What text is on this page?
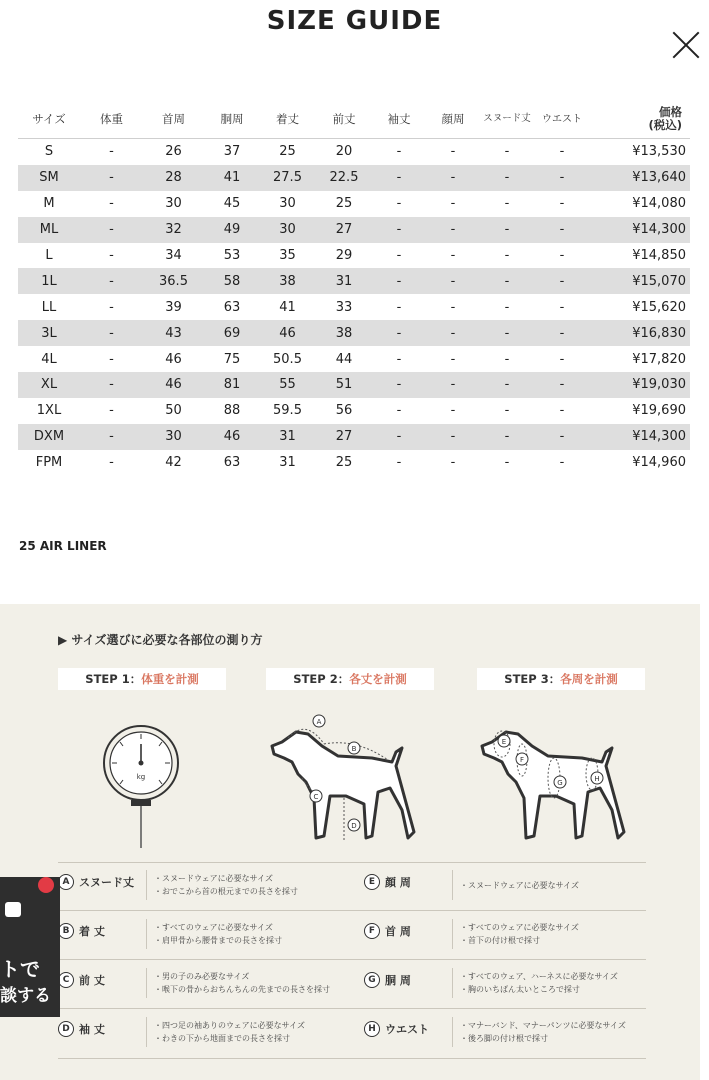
SIZE GUIDE
サイズ	体重	首周	胴周	着丈	前丈	袖丈	顔周	スヌード丈	ウエスト	価格
(税込)
S	-	26	37	25	20	-	-	-	-	¥13,530
SM	-	28	41	27.5	22.5	-	-	-	-	¥13,640
M	-	30	45	30	25	-	-	-	-	¥14,080
ML	-	32	49	30	27	-	-	-	-	¥14,300
L	-	34	53	35	29	-	-	-	-	¥14,850
1L	-	36.5	58	38	31	-	-	-	-	¥15,070
LL	-	39	63	41	33	-	-	-	-	¥15,620
3L	-	43	69	46	38	-	-	-	-	¥16,830
4L	-	46	75	50.5	44	-	-	-	-	¥17,820
XL	-	46	81	55	51	-	-	-	-	¥19,030
1XL	-	50	88	59.5	56	-	-	-	-	¥19,690
DXM	-	30	46	31	27	-	-	-	-	¥14,300
FPM	-	42	63	31	25	-	-	-	-	¥14,960
25 AIR LINER
▶ サイズ選びに必要な各部位の測り方
STEP 1：体重を計測	STEP 2：各丈を計測	STEP 3：各周を計測
kg
A
B
C
D
E
F
G	H
A スヌード丈	・スヌードウェアに必要なサイズ
・おでこから首の根元までの長さを採寸
E 顔 周	・スヌードウェアに必要なサイズ
B 着 丈	・すべてのウェアに必要なサイズ
・肩甲骨から腰骨までの長さを採寸
F 首 周	・すべてのウェアに必要なサイズ
・首下の付け根で採寸
C 前 丈	・男の子のみ必要なサイズ
・喉下の骨からおちんちんの先までの長さを採寸
G 胴 周	・すべてのウェア、ハーネスに必要なサイズ
・胸のいちばん太いところで採寸
D 袖 丈	・四つ足の袖ありのウェアに必要なサイズ
・わきの下から地面までの長さを採寸
H ウエスト	・マナーバンド、マナーパンツに必要なサイズ
・後ろ脚の付け根で採寸
トで
談する
